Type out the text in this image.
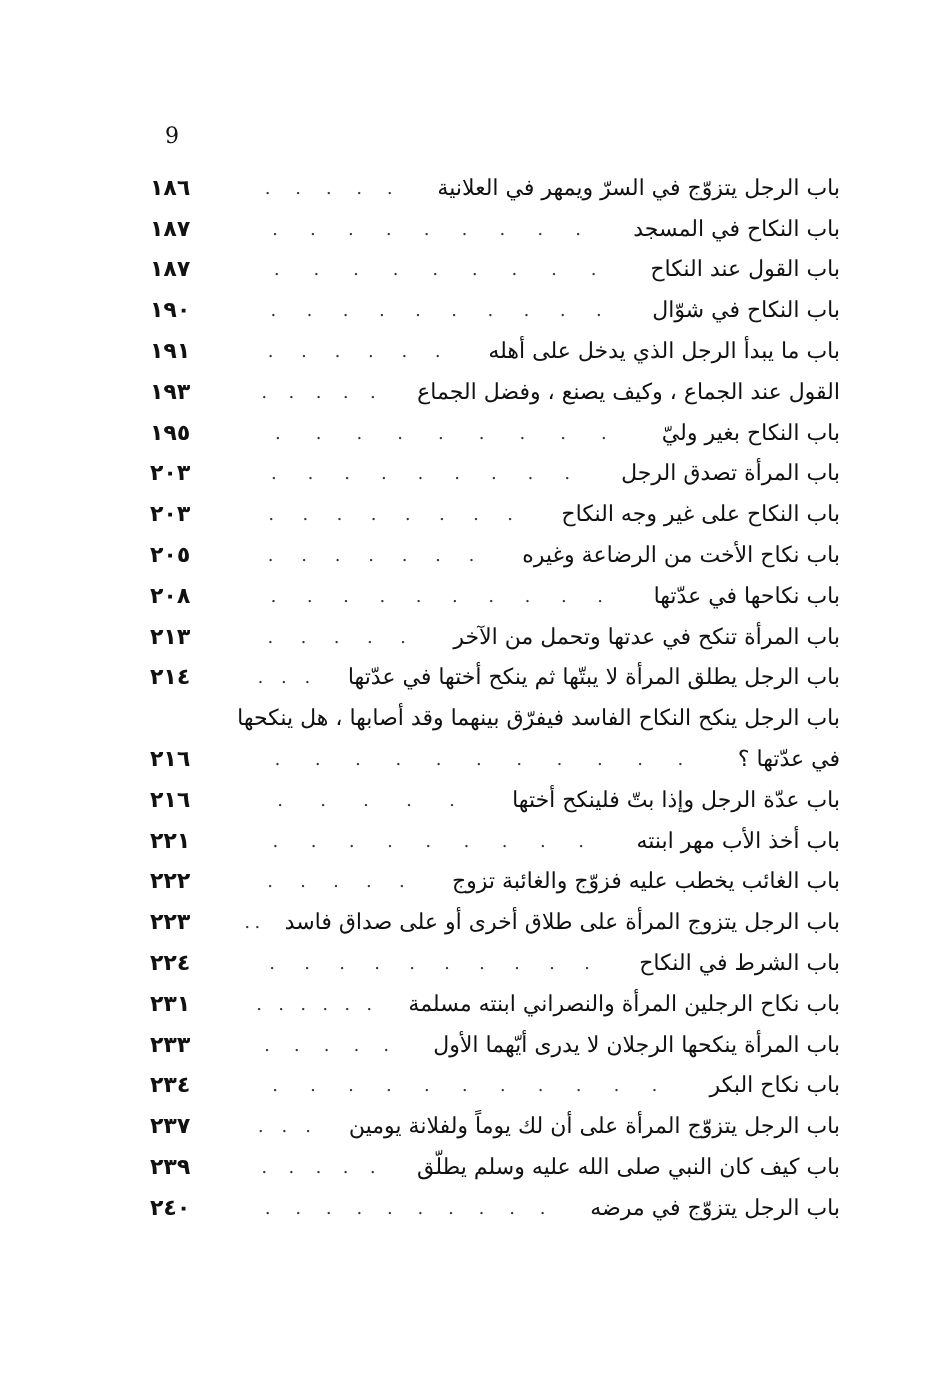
9
باب الرجل يتزوّج في السرّ ويمهر في العلانية
. . . . .
١٨٦
باب النكاح في المسجد
. . . . . . . . .
١٨٧
باب القول عند النكاح
. . . . . . . . .
١٨٧
باب النكاح في شوّال
. . . . . . . . . .
١٩٠
باب ما يبدأ الرجل الذي يدخل على أهله
. . . . . .
١٩١
القول عند الجماع ، وكيف يصنع ، وفضل الجماع
. . . . .
١٩٣
باب النكاح بغير وليّ
. . . . . . . . .
١٩٥
باب المرأة تصدق الرجل
. . . . . . . . .
٢٠٣
باب النكاح على غير وجه النكاح
. . . . . . . .
٢٠٣
باب نكاح الأخت من الرضاعة وغيره
. . . . . . .
٢٠٥
باب نكاحها في عدّتها
. . . . . . . . . .
٢٠٨
باب المرأة تنكح في عدتها وتحمل من الآخر
. . . . .
٢١٣
باب الرجل يطلق المرأة لا يبتّها ثم ينكح أختها في عدّتها
. . .
٢١٤
باب الرجل ينكح النكاح الفاسد فيفرّق بينهما وقد أصابها ، هل ينكحها
في عدّتها ؟
. . . . . . . . . . .
٢١٦
باب عدّة الرجل وإذا بتّ فلينكح أختها
. . . . .
٢١٦
باب أخذ الأب مهر ابنته
. . . . . . . . .
٢٢١
باب الغائب يخطب عليه فزوّج والغائبة تزوج
. . . . .
٢٢٢
باب الرجل يتزوج المرأة على طلاق أخرى أو على صداق فاسد
. .
٢٢٣
باب الشرط في النكاح
. . . . . . . . . .
٢٢٤
باب نكاح الرجلين المرأة والنصراني ابنته مسلمة
. . . . . .
٢٣١
باب المرأة ينكحها الرجلان لا يدرى أيّهما الأول
. . . . .
٢٣٣
باب نكاح البكر
. . . . . . . . . . .
٢٣٤
باب الرجل يتزوّج المرأة على أن لك يوماً ولفلانة يومين
. . .
٢٣٧
باب كيف كان النبي صلى الله عليه وسلم يطلّق
. . . . .
٢٣٩
باب الرجل يتزوّج في مرضه
. . . . . . . . . .
٢٤٠
